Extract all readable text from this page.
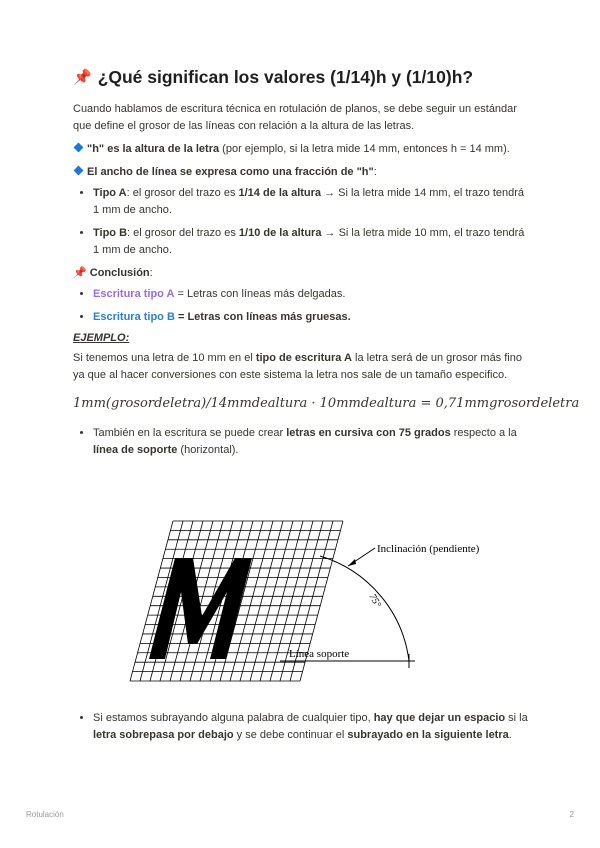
📌 ¿Qué significan los valores (1/14)h y (1/10)h?

Cuando hablamos de escritura técnica en rotulación de planos, se debe seguir un estándar que define el grosor de las líneas con relación a la altura de las letras.

"h" es la altura de la letra (por ejemplo, si la letra mide 14 mm, entonces h = 14 mm).

El ancho de línea se expresa como una fracción de "h":

• Tipo A: el grosor del trazo es 1/14 de la altura → Si la letra mide 14 mm, el trazo tendrá 1 mm de ancho.
• Tipo B: el grosor del trazo es 1/10 de la altura → Si la letra mide 10 mm, el trazo tendrá 1 mm de ancho.

📌 Conclusión:

• Escritura tipo A = Letras con líneas más delgadas.
• Escritura tipo B = Letras con líneas más gruesas.
EJEMPLO:

Si tenemos una letra de 10 mm en el tipo de escritura A la letra será de un grosor más fino ya que al hacer conversiones con este sistema la letra nos sale de un tamaño especifico.

1mm(grosordeletra)/14mmdealtura · 10mmdealtura = 0,71mmgrosordeletra
• También en la escritura se puede crear letras en cursiva con 75 grados respecto a la línea de soporte (horizontal).
• Si estamos subrayando alguna palabra de cualquier tipo, hay que dejar un espacio si la letra sobrepasa por debajo y se debe continuar el subrayado en la siguiente letra.
M
Inclinación (pendiente)
75°
Línea soporte
Rotulación	2
